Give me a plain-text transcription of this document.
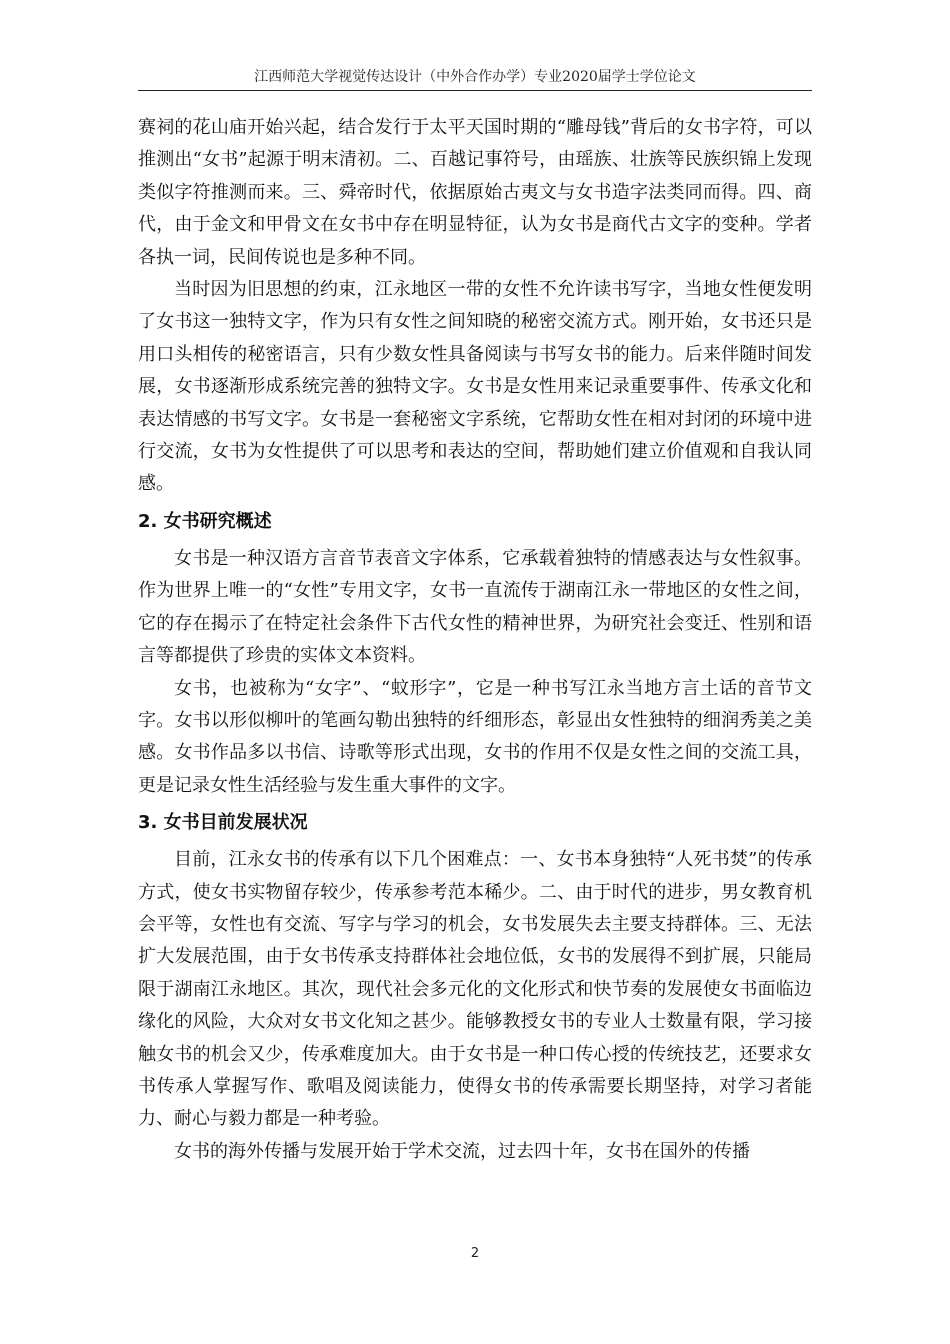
江西师范大学视觉传达设计（中外合作办学）专业2020届学士学位论文

赛祠的花山庙开始兴起，结合发行于太平天国时期的“雕母钱”背后的女书字符，可以推测出“女书”起源于明末清初。二、百越记事符号，由瑶族、壮族等民族织锦上发现类似字符推测而来。三、舜帝时代，依据原始古夷文与女书造字法类同而得。四、商代，由于金文和甲骨文在女书中存在明显特征，认为女书是商代古文字的变种。学者各执一词，民间传说也是多种不同。

当时因为旧思想的约束，江永地区一带的女性不允许读书写字，当地女性便发明了女书这一独特文字，作为只有女性之间知晓的秘密交流方式。刚开始，女书还只是用口头相传的秘密语言，只有少数女性具备阅读与书写女书的能力。后来伴随时间发展，女书逐渐形成系统完善的独特文字。女书是女性用来记录重要事件、传承文化和表达情感的书写文字。女书是一套秘密文字系统，它帮助女性在相对封闭的环境中进行交流，女书为女性提供了可以思考和表达的空间，帮助她们建立价值观和自我认同感。

2. 女书研究概述

女书是一种汉语方言音节表音文字体系，它承载着独特的情感表达与女性叙事。作为世界上唯一的“女性”专用文字，女书一直流传于湖南江永一带地区的女性之间，它的存在揭示了在特定社会条件下古代女性的精神世界，为研究社会变迁、性别和语言等都提供了珍贵的实体文本资料。

女书，也被称为“女字”、“蚊形字”，它是一种书写江永当地方言土话的音节文字。女书以形似柳叶的笔画勾勒出独特的纤细形态，彰显出女性独特的细润秀美之美感。女书作品多以书信、诗歌等形式出现，女书的作用不仅是女性之间的交流工具，更是记录女性生活经验与发生重大事件的文字。

3. 女书目前发展状况

目前，江永女书的传承有以下几个困难点：一、女书本身独特“人死书焚”的传承方式，使女书实物留存较少，传承参考范本稀少。二、由于时代的进步，男女教育机会平等，女性也有交流、写字与学习的机会，女书发展失去主要支持群体。三、无法扩大发展范围，由于女书传承支持群体社会地位低，女书的发展得不到扩展，只能局限于湖南江永地区。其次，现代社会多元化的文化形式和快节奏的发展使女书面临边缘化的风险，大众对女书文化知之甚少。能够教授女书的专业人士数量有限，学习接触女书的机会又少，传承难度加大。由于女书是一种口传心授的传统技艺，还要求女书传承人掌握写作、歌唱及阅读能力，使得女书的传承需要长期坚持，对学习者能力、耐心与毅力都是一种考验。

女书的海外传播与发展开始于学术交流，过去四十年，女书在国外的传播

2
